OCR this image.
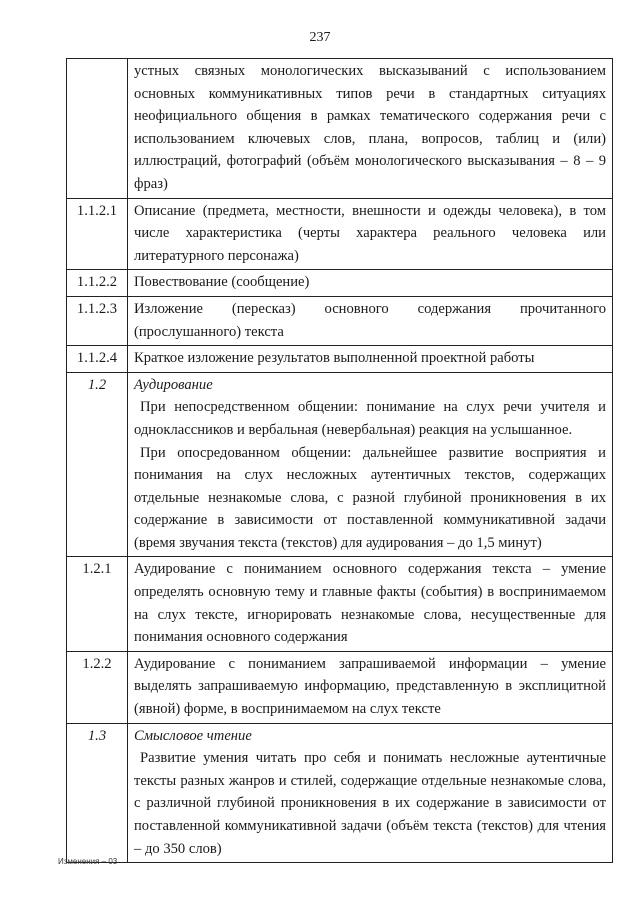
237

	устных связных монологических высказываний с использованием основных коммуникативных типов речи в стандартных ситуациях неофициального общения в рамках тематического содержания речи с использованием ключевых слов, плана, вопросов, таблиц и (или) иллюстраций, фотографий (объём монологического высказывания – 8 – 9 фраз)

1.1.2.1	Описание (предмета, местности, внешности и одежды человека), в том числе характеристика (черты характера реального человека или литературного персонажа)

1.1.2.2	Повествование (сообщение)

1.1.2.3	Изложение (пересказ) основного содержания прочитанного (прослушанного) текста

1.1.2.4	Краткое изложение результатов выполненной проектной работы

1.2	Аудирование

При непосредственном общении: понимание на слух речи учителя и одноклассников и вербальная (невербальная) реакция на услышанное.

При опосредованном общении: дальнейшее развитие восприятия и понимания на слух несложных аутентичных текстов, содержащих отдельные незнакомые слова, с разной глубиной проникновения в их содержание в зависимости от поставленной коммуникативной задачи (время звучания текста (текстов) для аудирования – до 1,5 минут)

1.2.1	Аудирование с пониманием основного содержания текста – умение определять основную тему и главные факты (события) в воспринимаемом на слух тексте, игнорировать незнакомые слова, несущественные для понимания основного содержания

1.2.2	Аудирование с пониманием запрашиваемой информации – умение выделять запрашиваемую информацию, представленную в эксплицитной (явной) форме, в воспринимаемом на слух тексте

1.3	Смысловое чтение

Развитие умения читать про себя и понимать несложные аутентичные тексты разных жанров и стилей, содержащие отдельные незнакомые слова, с различной глубиной проникновения в их содержание в зависимости от поставленной коммуникативной задачи (объём текста (текстов) для чтения – до 350 слов)

Изменения – 03
